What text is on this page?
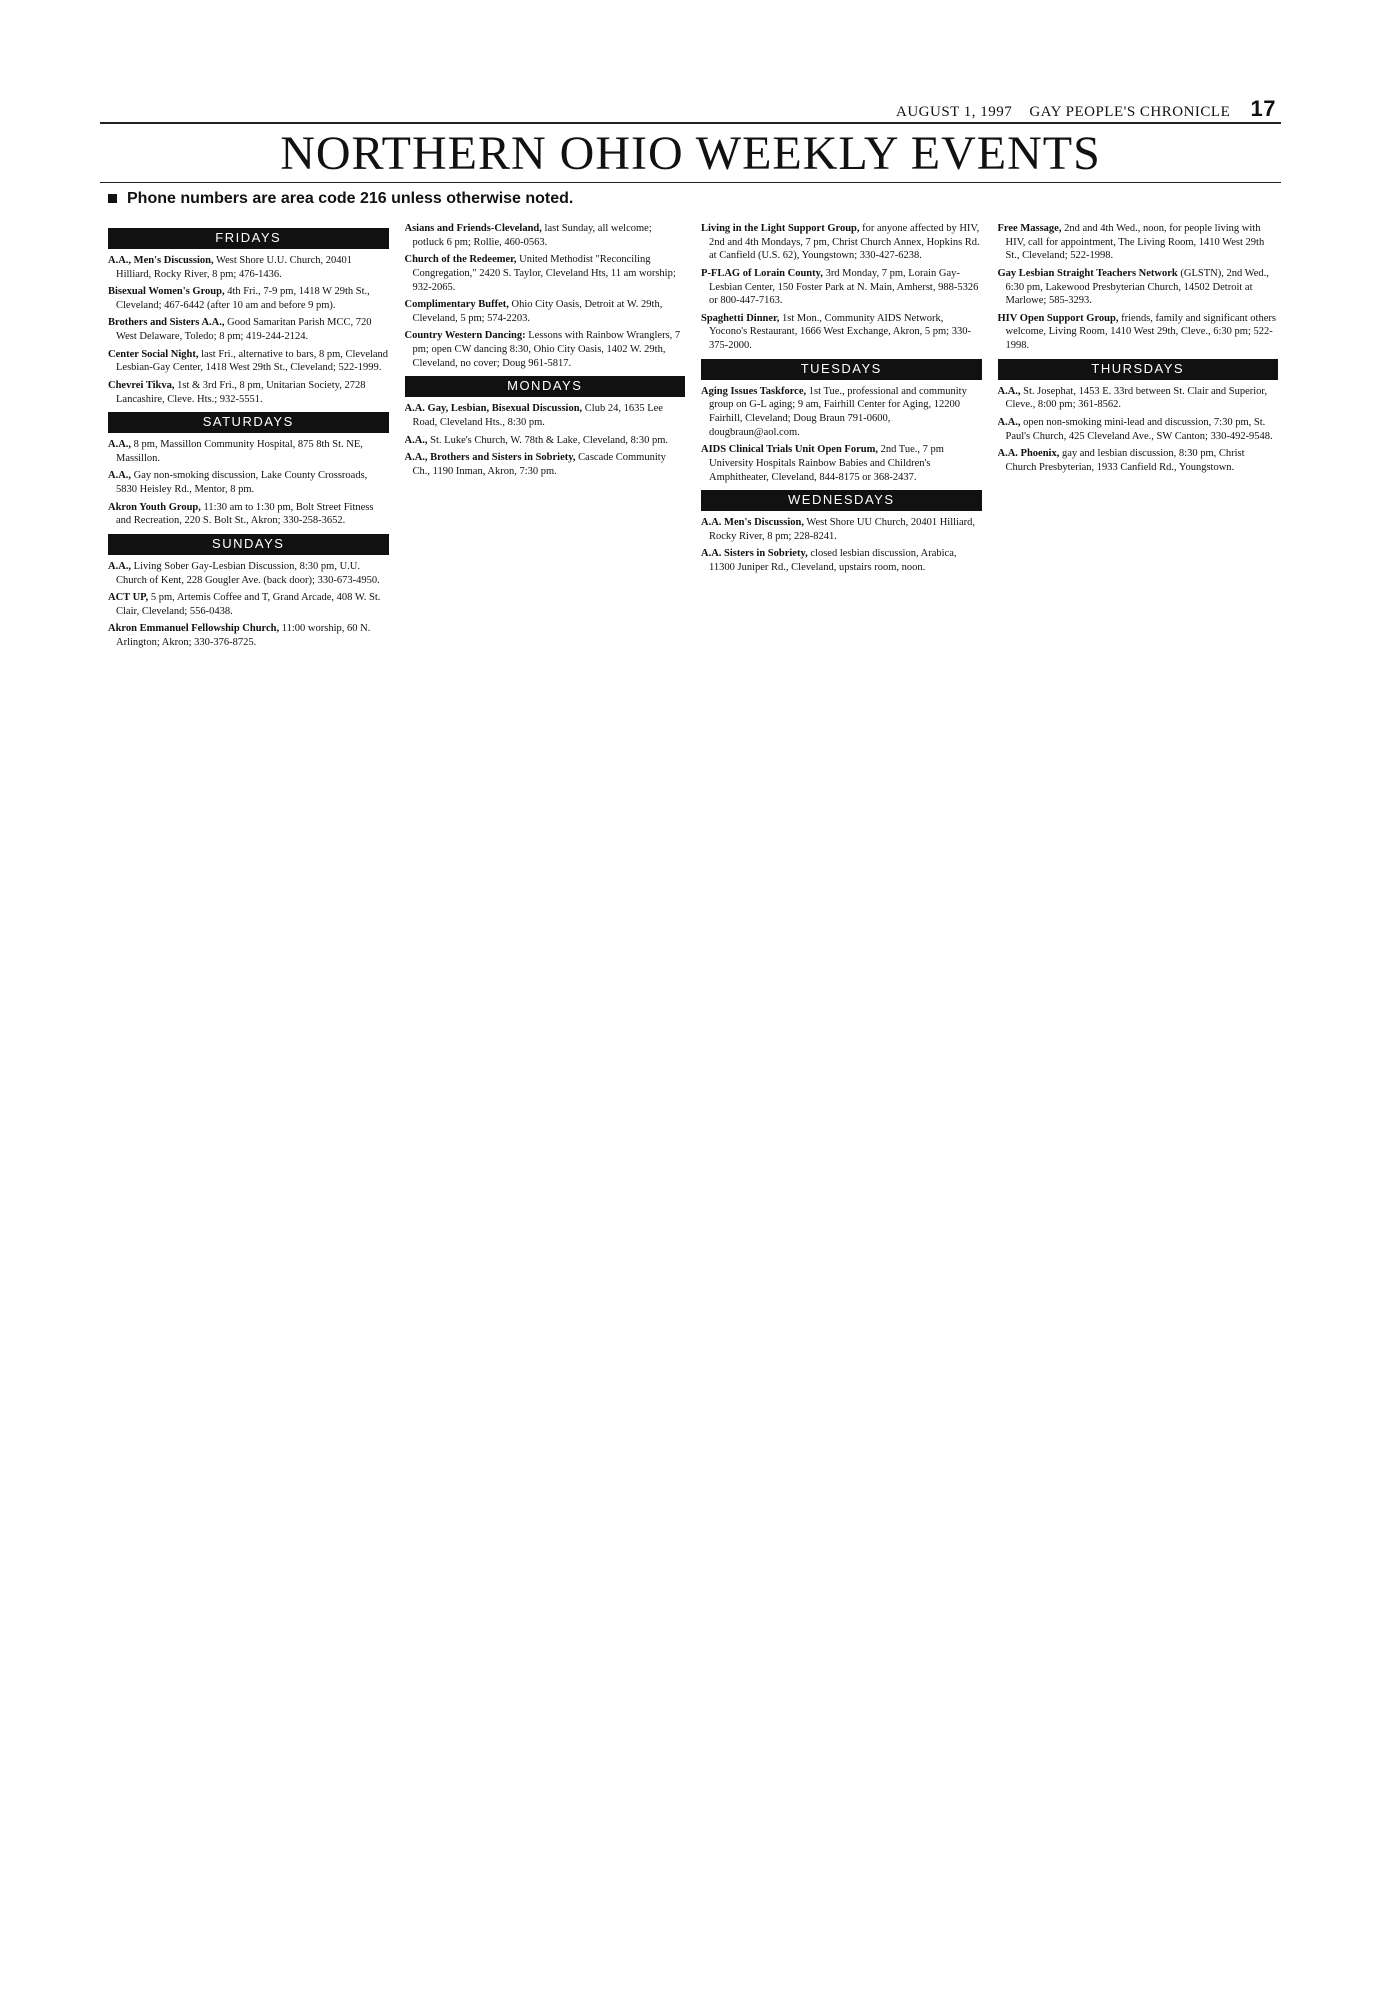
AUGUST 1, 1997 GAY PEOPLE'S CHRONICLE 17
NORTHERN OHIO WEEKLY EVENTS
Phone numbers are area code 216 unless otherwise noted.
FRIDAYS

A.A., Men's Discussion, West Shore U.U. Church, 20401 Hilliard, Rocky River, 8 pm; 476-1436.

Bisexual Women's Group, 4th Fri., 7-9 pm, 1418 W 29th St., Cleveland; 467-6442 (after 10 am and before 9 pm).

Brothers and Sisters A.A., Good Samaritan Parish MCC, 720 West Delaware, Toledo; 8 pm; 419-244-2124.

Center Social Night, last Fri., alternative to bars, 8 pm, Cleveland Lesbian-Gay Center, 1418 West 29th St., Cleveland; 522-1999.

Chevrei Tikva, 1st & 3rd Fri., 8 pm, Unitarian Society, 2728 Lancashire, Cleve. Hts.; 932-5551.

SATURDAYS

A.A., 8 pm, Massillon Community Hospital, 875 8th St. NE, Massillon.

A.A., Gay non-smoking discussion, Lake County Crossroads, 5830 Heisley Rd., Mentor, 8 pm.

Akron Youth Group, 11:30 am to 1:30 pm, Bolt Street Fitness and Recreation, 220 S. Bolt St., Akron; 330-258-3652.

SUNDAYS

A.A., Living Sober Gay-Lesbian Discussion, 8:30 pm, U.U. Church of Kent, 228 Gougler Ave. (back door); 330-673-4950.

ACT UP, 5 pm, Artemis Coffee and T, Grand Arcade, 408 W. St. Clair, Cleveland; 556-0438.

Akron Emmanuel Fellowship Church, 11:00 worship, 60 N. Arlington; Akron; 330-376-8725.

Asians and Friends-Cleveland, last Sunday, all welcome; potluck 6 pm; Rollie, 460-0563.

Church of the Redeemer, United Methodist "Reconciling Congregation," 2420 S. Taylor, Cleveland Hts, 11 am worship; 932-2065.

Compliment​ary Buffet, Ohio City Oasis, Detroit at W. 29th, Cleveland, 5 pm; 574-2203.

Country Western Dancing: Lessons with Rainbow Wranglers, 7 pm; open CW dancing 8:30, Ohio City Oasis, 1402 W. 29th, Cleveland, no cover; Doug 961-5817.

MONDAYS

A.A. Gay, Lesbian, Bisexual Discussion, Club 24, 1635 Lee Road, Cleveland Hts., 8:30 pm.

A.A., St. Luke's Church, W. 78th & Lake, Cleveland, 8:30 pm.

A.A., Brothers and Sisters in Sobriety, Cascade Community Ch., 1190 Inman, Akron, 7:30 pm.

Living in the Light Support Group, for anyone affected by HIV, 2nd and 4th Mondays, 7 pm, Christ Church Annex, Hopkins Rd. at Canfield (U.S. 62), Youngstown; 330-427-6238.

P-FLAG of Lorain County, 3rd Monday, 7 pm, Lorain Gay-Lesbian Center, 150 Foster Park at N. Main, Amherst, 988-5326 or 800-447-7163.

Spaghetti Dinner, 1st Mon., Community AIDS Network, Yocono's Restaurant, 1666 West Exchange, Akron, 5 pm; 330-375-2000.

TUESDAYS

Aging Issues Taskforce, 1st Tue., professional and community group on G-L aging; 9 am, Fairhill Center for Aging, 12200 Fairhill, Cleveland; Doug Braun 791-0600, dougbraun@aol.com.

AIDS Clinical Trials Unit Open Forum, 2nd Tue., 7 pm University Hospitals Rainbow Babies and Children's Amphitheater, Cleveland, 844-8175 or 368-2437.

WEDNESDAYS

A.A. Men's Discussion, West Shore UU Church, 20401 Hilliard, Rocky River, 8 pm; 228-8241.

A.A. Sisters in Sobriety, closed lesbian discussion, Arabica, 11300 Juniper Rd., Cleveland, upstairs room, noon.

Free Massage, 2nd and 4th Wed., noon, for people living with HIV, call for appointment, The Living Room, 1410 West 29th St., Cleveland; 522-1998.

Gay Lesbian Straight Teachers Network (GLSTN), 2nd Wed., 6:30 pm, Lakewood Presbyterian Church, 14502 Detroit at Marlowe; 585-3293.

HIV Open Support Group, friends, family and significant others welcome, Living Room, 1410 West 29th, Cleve., 6:30 pm; 522-1998.

THURSDAYS

A.A., St. Josephat, 1453 E. 33rd between St. Clair and Superior, Cleve., 8:00 pm; 361-8562.

A.A., open non-smoking mini-lead and discussion, 7:30 pm, St. Paul's Church, 425 Cleveland Ave., SW Canton; 330-492-9548.

A.A. Phoenix, gay and lesbian discussion, 8:30 pm, Christ Church Presbyterian, 1933 Canfield Rd., Youngstown.
